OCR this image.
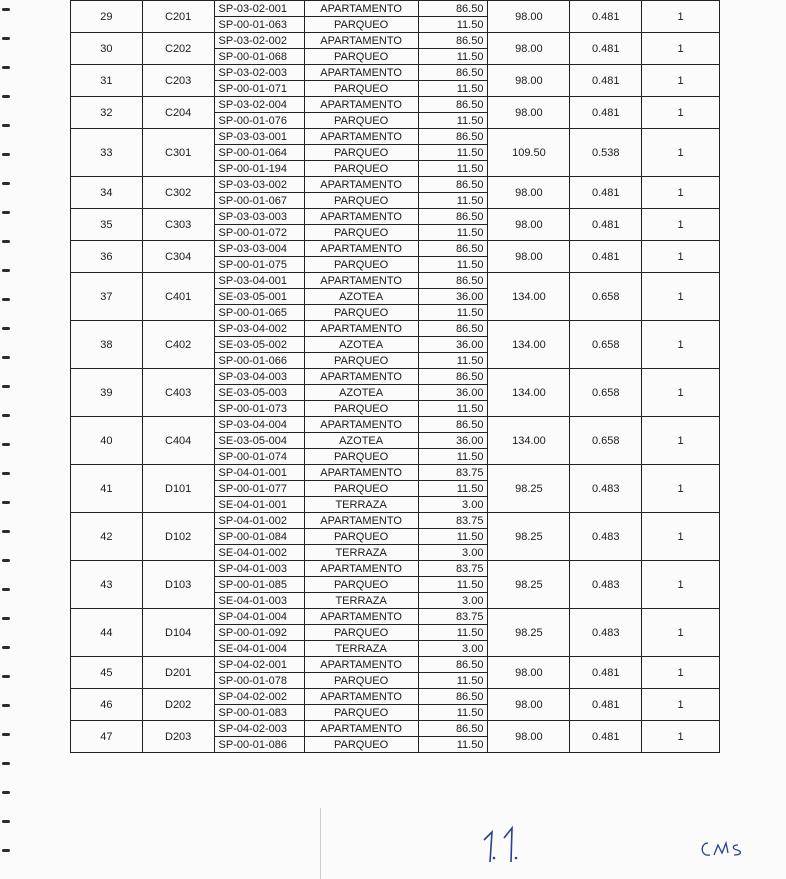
29	C201	SP-03-02-001	APARTAMENTO	86.50	98.00	0.481	1
		SP-00-01-063	PARQUEO	11.50			
30	C202	SP-03-02-002	APARTAMENTO	86.50	98.00	0.481	1
		SP-00-01-068	PARQUEO	11.50			
31	C203	SP-03-02-003	APARTAMENTO	86.50	98.00	0.481	1
		SP-00-01-071	PARQUEO	11.50			
32	C204	SP-03-02-004	APARTAMENTO	86.50	98.00	0.481	1
		SP-00-01-076	PARQUEO	11.50			
33	C301	SP-03-03-001	APARTAMENTO	86.50	109.50	0.538	1
		SP-00-01-064	PARQUEO	11.50			
		SP-00-01-194	PARQUEO	11.50			
34	C302	SP-03-03-002	APARTAMENTO	86.50	98.00	0.481	1
		SP-00-01-067	PARQUEO	11.50			
35	C303	SP-03-03-003	APARTAMENTO	86.50	98.00	0.481	1
		SP-00-01-072	PARQUEO	11.50			
36	C304	SP-03-03-004	APARTAMENTO	86.50	98.00	0.481	1
		SP-00-01-075	PARQUEO	11.50			
37	C401	SP-03-04-001	APARTAMENTO	86.50	134.00	0.658	1
		SE-03-05-001	AZOTEA	36.00			
		SP-00-01-065	PARQUEO	11.50			
38	C402	SP-03-04-002	APARTAMENTO	86.50	134.00	0.658	1
		SE-03-05-002	AZOTEA	36.00			
		SP-00-01-066	PARQUEO	11.50			
39	C403	SP-03-04-003	APARTAMENTO	86.50	134.00	0.658	1
		SE-03-05-003	AZOTEA	36.00			
		SP-00-01-073	PARQUEO	11.50			
40	C404	SP-03-04-004	APARTAMENTO	86.50	134.00	0.658	1
		SE-03-05-004	AZOTEA	36.00			
		SP-00-01-074	PARQUEO	11.50			
41	D101	SP-04-01-001	APARTAMENTO	83.75	98.25	0.483	1
		SP-00-01-077	PARQUEO	11.50			
		SE-04-01-001	TERRAZA	3.00			
42	D102	SP-04-01-002	APARTAMENTO	83.75	98.25	0.483	1
		SP-00-01-084	PARQUEO	11.50			
		SE-04-01-002	TERRAZA	3.00			
43	D103	SP-04-01-003	APARTAMENTO	83.75	98.25	0.483	1
		SP-00-01-085	PARQUEO	11.50			
		SE-04-01-003	TERRAZA	3.00			
44	D104	SP-04-01-004	APARTAMENTO	83.75	98.25	0.483	1
		SP-00-01-092	PARQUEO	11.50			
		SE-04-01-004	TERRAZA	3.00			
45	D201	SP-04-02-001	APARTAMENTO	86.50	98.00	0.481	1
		SP-00-01-078	PARQUEO	11.50			
46	D202	SP-04-02-002	APARTAMENTO	86.50	98.00	0.481	1
		SP-00-01-083	PARQUEO	11.50			
47	D203	SP-04-02-003	APARTAMENTO	86.50	98.00	0.481	1
		SP-00-01-086	PARQUEO	11.50			
